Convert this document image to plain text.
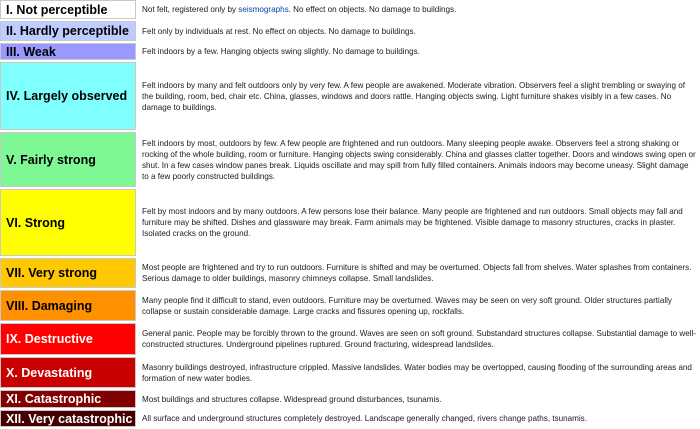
I. Not perceptible		Not felt, registered only by seismographs. No effect on objects. No damage to buildings.
II. Hardly perceptible		Felt only by individuals at rest. No effect on objects. No damage to buildings.
III. Weak		Felt indoors by a few. Hanging objects swing slightly. No damage to buildings.
IV. Largely observed		Felt indoors by many and felt outdoors only by very few. A few people are awakened. Moderate vibration. Observers feel a slight trembling or swaying of the building, room, bed, chair etc. China, glasses, windows and doors rattle. Hanging objects swing. Light furniture shakes visibly in a few cases. No damage to buildings.
V. Fairly strong		Felt indoors by most, outdoors by few. A few people are frightened and run outdoors. Many sleeping people awake. Observers feel a strong shaking or rocking of the whole building, room or furniture. Hanging objects swing considerably. China and glasses clatter together. Doors and windows swing open or shut. In a few cases window panes break. Liquids oscillate and may spill from fully filled containers. Animals indoors may become uneasy. Slight damage to a few poorly constructed buildings.
VI. Strong		Felt by most indoors and by many outdoors. A few persons lose their balance. Many people are frightened and run outdoors. Small objects may fall and furniture may be shifted. Dishes and glassware may break. Farm animals may be frightened. Visible damage to masonry structures, cracks in plaster. Isolated cracks on the ground.
VII. Very strong		Most people are frightened and try to run outdoors. Furniture is shifted and may be overturned. Objects fall from shelves. Water splashes from containers. Serious damage to older buildings, masonry chimneys collapse. Small landslides.
VIII. Damaging		Many people find it difficult to stand, even outdoors. Furniture may be overturned. Waves may be seen on very soft ground. Older structures partially collapse or sustain considerable damage. Large cracks and fissures opening up, rockfalls.
IX. Destructive		General panic. People may be forcibly thrown to the ground. Waves are seen on soft ground. Substandard structures collapse. Substantial damage to well-constructed structures. Underground pipelines ruptured. Ground fracturing, widespread landslides.
X. Devastating		Masonry buildings destroyed, infrastructure crippled. Massive landslides. Water bodies may be overtopped, causing flooding of the surrounding areas and formation of new water bodies.
XI. Catastrophic		Most buildings and structures collapse. Widespread ground disturbances, tsunamis.
XII. Very catastrophic		All surface and underground structures completely destroyed. Landscape generally changed, rivers change paths, tsunamis.
